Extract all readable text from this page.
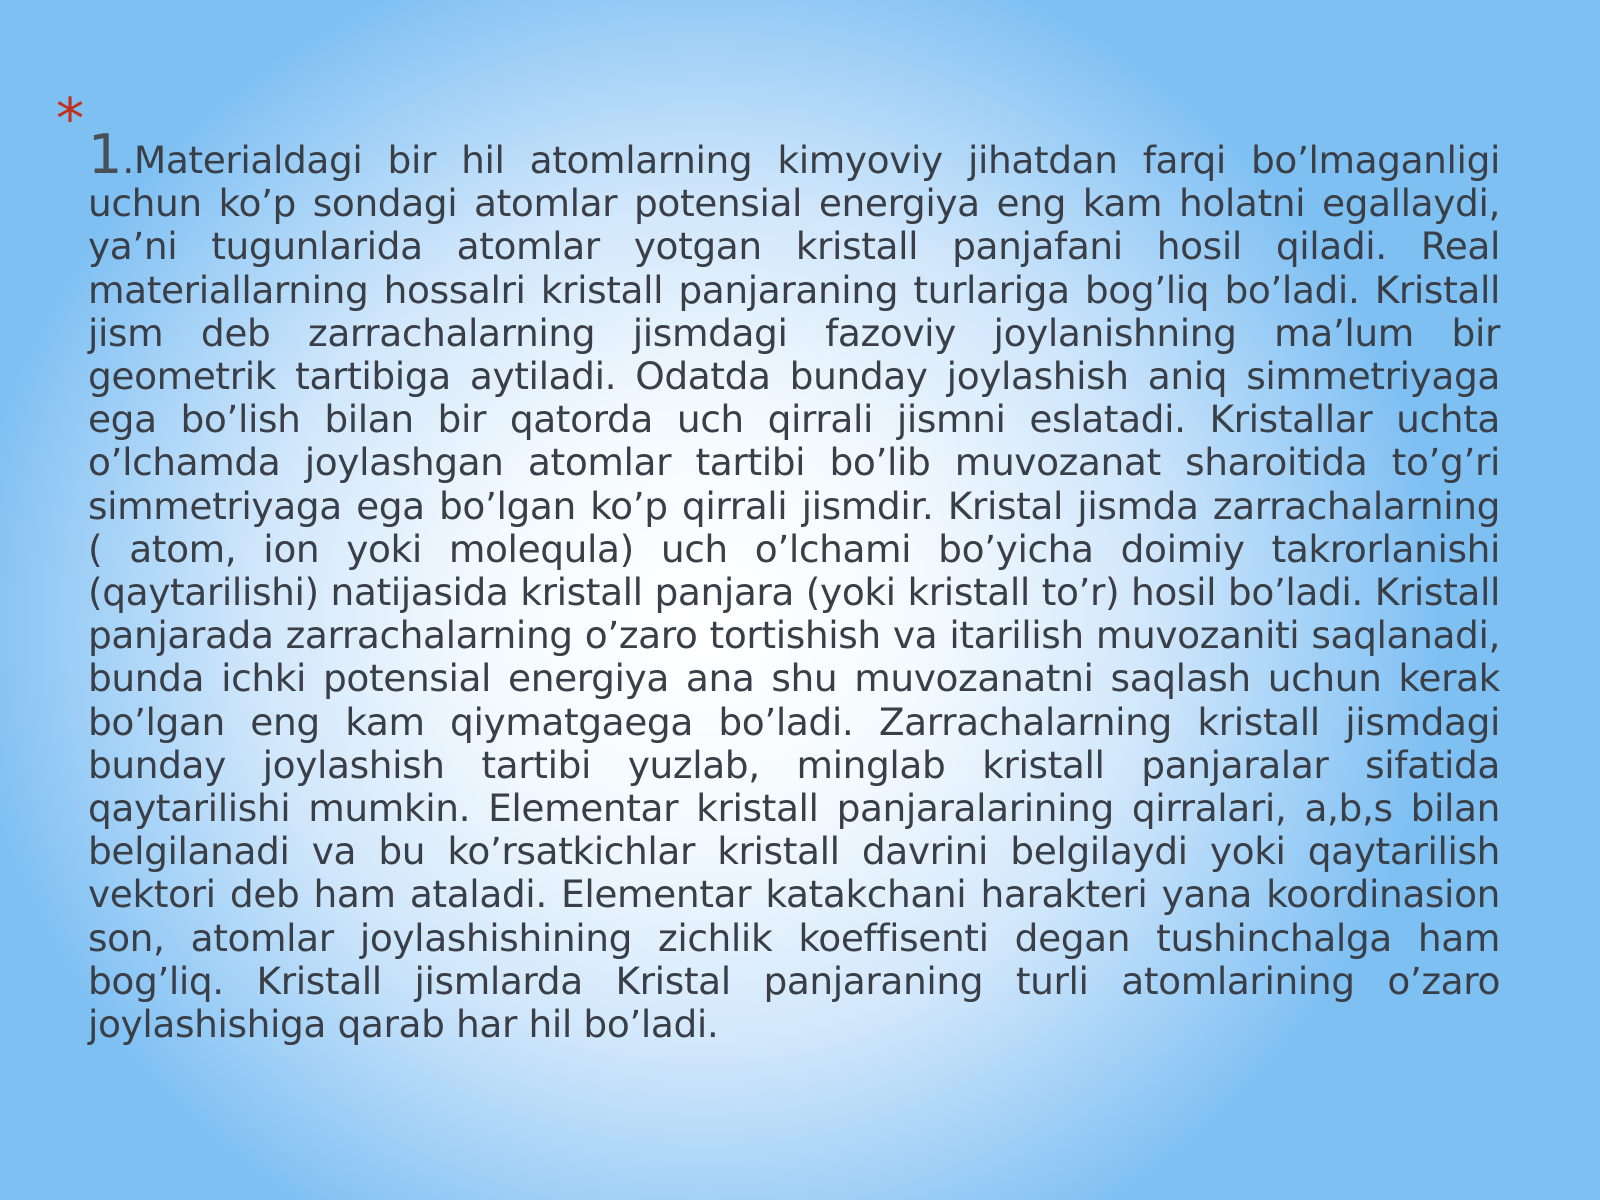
*

1.Materialdagi bir hil atomlarning kimyoviy jihatdan farqi bo’lmaganligi uchun ko’p sondagi atomlar potensial energiya eng kam holatni egallaydi, ya’ni tugunlarida atomlar yotgan kristall panjafani hosil qiladi. Real materiallarning hossalri kristall panjaraning turlariga bog’liq bo’ladi. Kristall jism deb zarrachalarning jismdagi fazoviy joylanishning ma’lum bir geometrik tartibiga aytiladi. Odatda bunday joylashish aniq simmetriyaga ega bo’lish bilan bir qatorda uch qirrali jismni eslatadi. Kristallar uchta o’lchamda joylashgan atomlar tartibi bo’lib muvozanat sharoitida to’g’ri simmetriyaga ega bo’lgan ko’p qirrali jismdir. Kristal jismda zarrachalarning ( atom, ion yoki molequla) uch o’lchami bo’yicha doimiy takrorlanishi (qaytarilishi) natijasida kristall panjara (yoki kristall to’r) hosil bo’ladi. Kristall panjarada zarrachalarning o’zaro tortishish va itarilish muvozaniti saqlanadi, bunda ichki potensial energiya ana shu muvozanatni saqlash uchun kerak bo’lgan eng kam qiymatgaega bo’ladi. Zarrachalarning kristall jismdagi bunday joylashish tartibi yuzlab, minglab kristall panjaralar sifatida qaytarilishi mumkin. Elementar kristall panjaralarining qirralari, a,b,s bilan belgilanadi va bu ko’rsatkichlar kristall davrini belgilaydi yoki qaytarilish vektori deb ham ataladi. Elementar katakchani harakteri yana koordinasion son, atomlar joylashishining zichlik koeffisenti degan tushinchalga ham bog’liq. Kristall jismlarda Kristal panjaraning turli atomlarining o’zaro joylashishiga qarab har hil bo’ladi.
